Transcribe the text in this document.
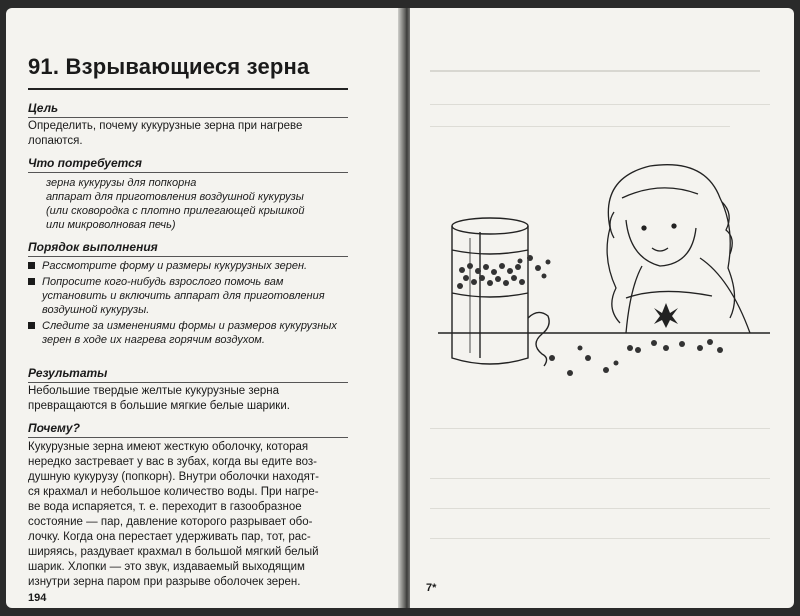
91. Взрывающиеся зерна
Цель
Определить, почему кукурузные зерна при нагреве лопаются.
Что потребуется
зерна кукурузы для попкорна
аппарат для приготовления воздушной кукурузы
(или сковородка с плотно прилегающей крышкой
или микроволновая печь)
Порядок выполнения
Рассмотрите форму и размеры кукурузных зерен.
Попросите кого-нибудь взрослого помочь вам установить и включить аппарат для приготовления воздушной кукурузы.
Следите за изменениями формы и размеров кукурузных зерен в ходе их нагрева горячим воздухом.
Результаты
Небольшие твердые желтые кукурузные зерна превращаются в большие мягкие белые шарики.
Почему?
Кукурузные зерна имеют жесткую оболочку, которая
нередко застревает у вас в зубах, когда вы едите воз-
душную кукурузу (попкорн). Внутри оболочки находят-
ся крахмал и небольшое количество воды. При нагре-
ве вода испаряется, т. е. переходит в газообразное
состояние — пар, давление которого разрывает обо-
лочку. Когда она перестает удерживать пар, тот, рас-
ширяясь, раздувает крахмал в большой мягкий белый
шарик. Хлопки — это звук, издаваемый выходящим
изнутри зерна паром при разрыве оболочек зерен.
194
7*
